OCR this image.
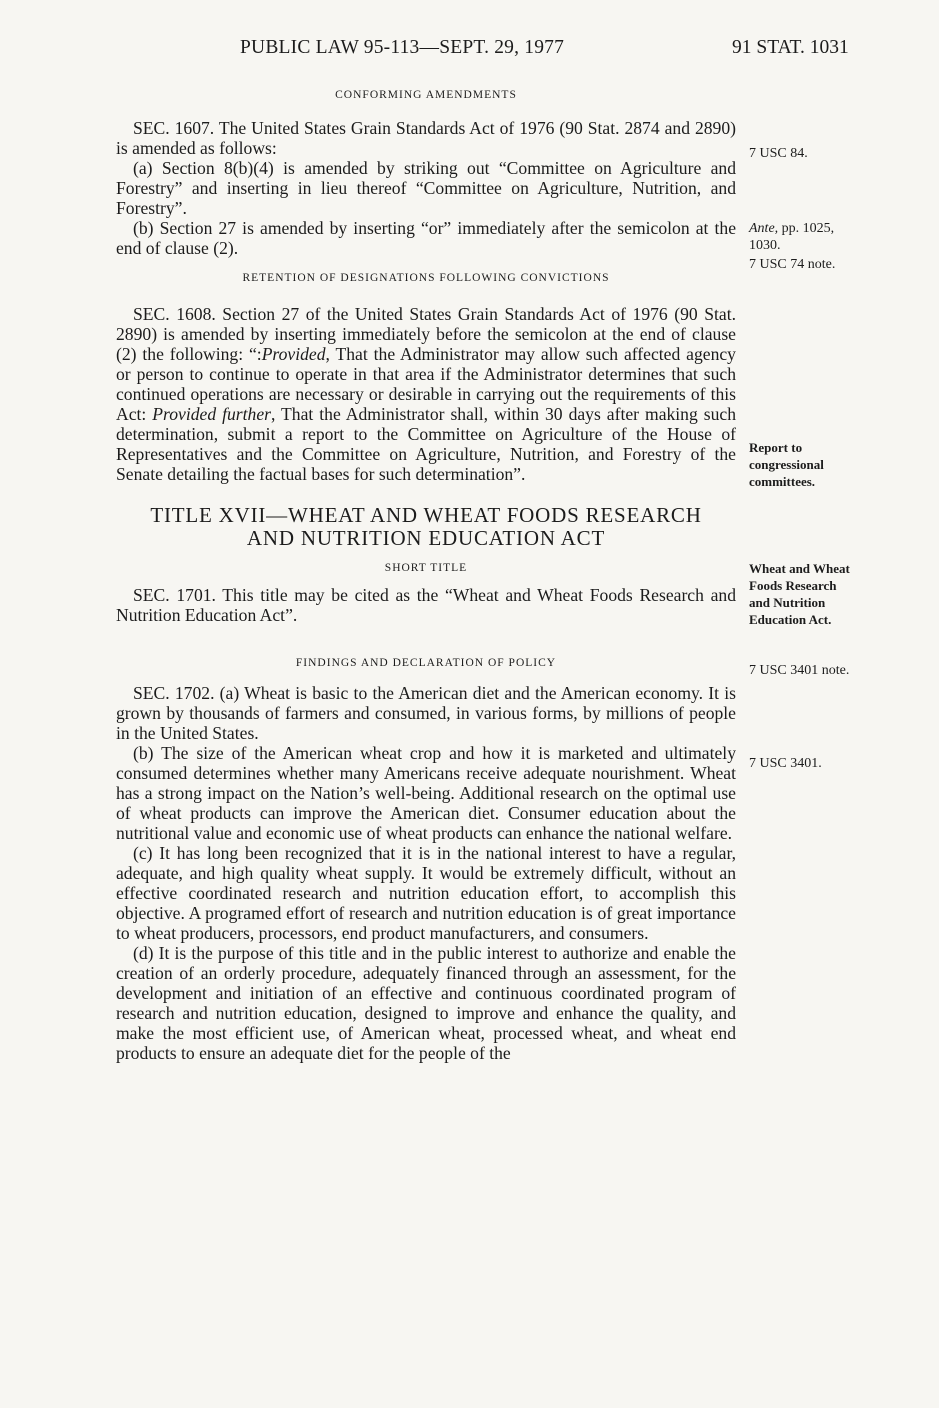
PUBLIC LAW 95-113—SEPT. 29, 1977	91 STAT. 1031
CONFORMING AMENDMENTS

SEC. 1607. The United States Grain Standards Act of 1976 (90 Stat. 2874 and 2890) is amended as follows:

(a) Section 8(b)(4) is amended by striking out “Committee on Agriculture and Forestry” and inserting in lieu thereof “Committee on Agriculture, Nutrition, and Forestry”.

(b) Section 27 is amended by inserting “or” immediately after the semicolon at the end of clause (2).

RETENTION OF DESIGNATIONS FOLLOWING CONVICTIONS

SEC. 1608. Section 27 of the United States Grain Standards Act of 1976 (90 Stat. 2890) is amended by inserting immediately before the semicolon at the end of clause (2) the following: “:Provided, That the Administrator may allow such affected agency or person to continue to operate in that area if the Administrator determines that such continued operations are necessary or desirable in carrying out the requirements of this Act: Provided further, That the Administrator shall, within 30 days after making such determination, submit a report to the Committee on Agriculture of the House of Representatives and the Committee on Agriculture, Nutrition, and Forestry of the Senate detailing the factual bases for such determination”.

TITLE XVII—WHEAT AND WHEAT FOODS RESEARCH
AND NUTRITION EDUCATION ACT
SHORT TITLE

SEC. 1701. This title may be cited as the “Wheat and Wheat Foods Research and Nutrition Education Act”.

FINDINGS AND DECLARATION OF POLICY

SEC. 1702. (a) Wheat is basic to the American diet and the American economy. It is grown by thousands of farmers and consumed, in various forms, by millions of people in the United States.

(b) The size of the American wheat crop and how it is marketed and ultimately consumed determines whether many Americans receive adequate nourishment. Wheat has a strong impact on the Nation’s well-being. Additional research on the optimal use of wheat products can improve the American diet. Consumer education about the nutritional value and economic use of wheat products can enhance the national welfare.

(c) It has long been recognized that it is in the national interest to have a regular, adequate, and high quality wheat supply. It would be extremely difficult, without an effective coordinated research and nutrition education effort, to accomplish this objective. A programed effort of research and nutrition education is of great importance to wheat producers, processors, end product manufacturers, and consumers.

(d) It is the purpose of this title and in the public interest to authorize and enable the creation of an orderly procedure, adequately financed through an assessment, for the development and initiation of an effective and continuous coordinated program of research and nutrition education, designed to improve and enhance the quality, and make the most efficient use, of American wheat, processed wheat, and wheat end products to ensure an adequate diet for the people of the

7 USC 84.
Ante, pp. 1025,
1030.
7 USC 74 note.
Report to
congressional
committees.
Wheat and Wheat
Foods Research
and Nutrition
Education Act.
7 USC 3401 note.
7 USC 3401.
